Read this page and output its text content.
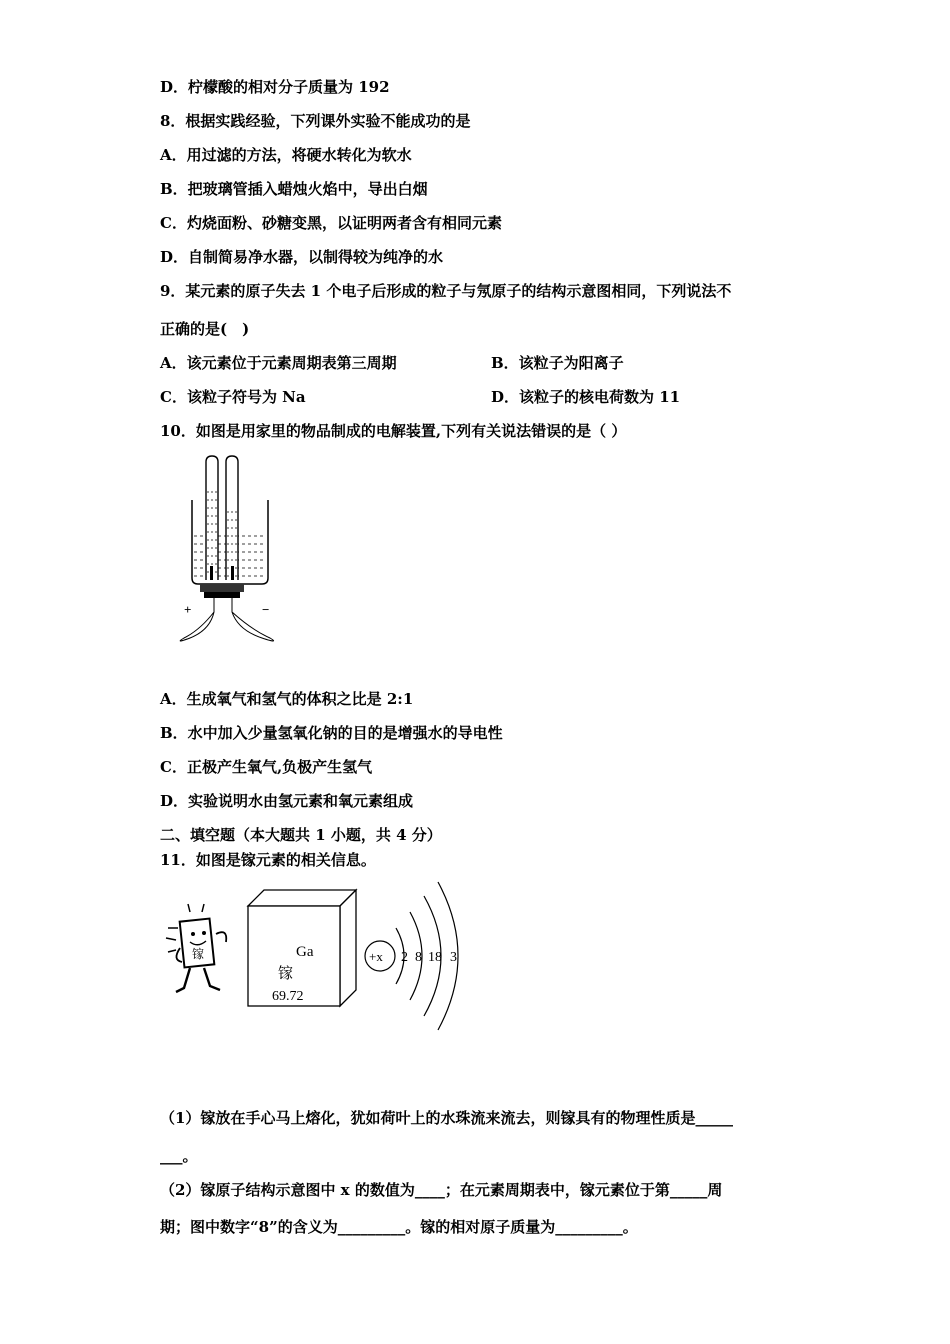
D．柠檬酸的相对分子质量为 192
8．根据实践经验，下列课外实验不能成功的是
A．用过滤的方法，将硬水转化为软水
B．把玻璃管插入蜡烛火焰中，导出白烟
C．灼烧面粉、砂糖变黑，以证明两者含有相同元素
D．自制简易净水器，以制得较为纯净的水
9．某元素的原子失去 1 个电子后形成的粒子与氖原子的结构示意图相同，下列说法不
正确的是(　)
A．该元素位于元素周期表第三周期	B．该粒子为阳离子
C．该粒子符号为 Na	D．该粒子的核电荷数为 11
10．如图是用家里的物品制成的电解装置,下列有关说法错误的是（ ）
+	−
A．生成氧气和氢气的体积之比是 2:1
B．水中加入少量氢氧化钠的目的是增强水的导电性
C．正极产生氧气,负极产生氢气
D．实验说明水由氢元素和氧元素组成
二、填空题（本大题共 1 小题，共 4 分）
11．如图是镓元素的相关信息。
镓	Ga
镓
69.72
+x 2 8 18 3
（1）镓放在手心马上熔化，犹如荷叶上的水珠流来流去，则镓具有的物理性质是_____
___。
（2）镓原子结构示意图中 x 的数值为____；在元素周期表中，镓元素位于第_____周
期；图中数字“8”的含义为_________。镓的相对原子质量为_________。
